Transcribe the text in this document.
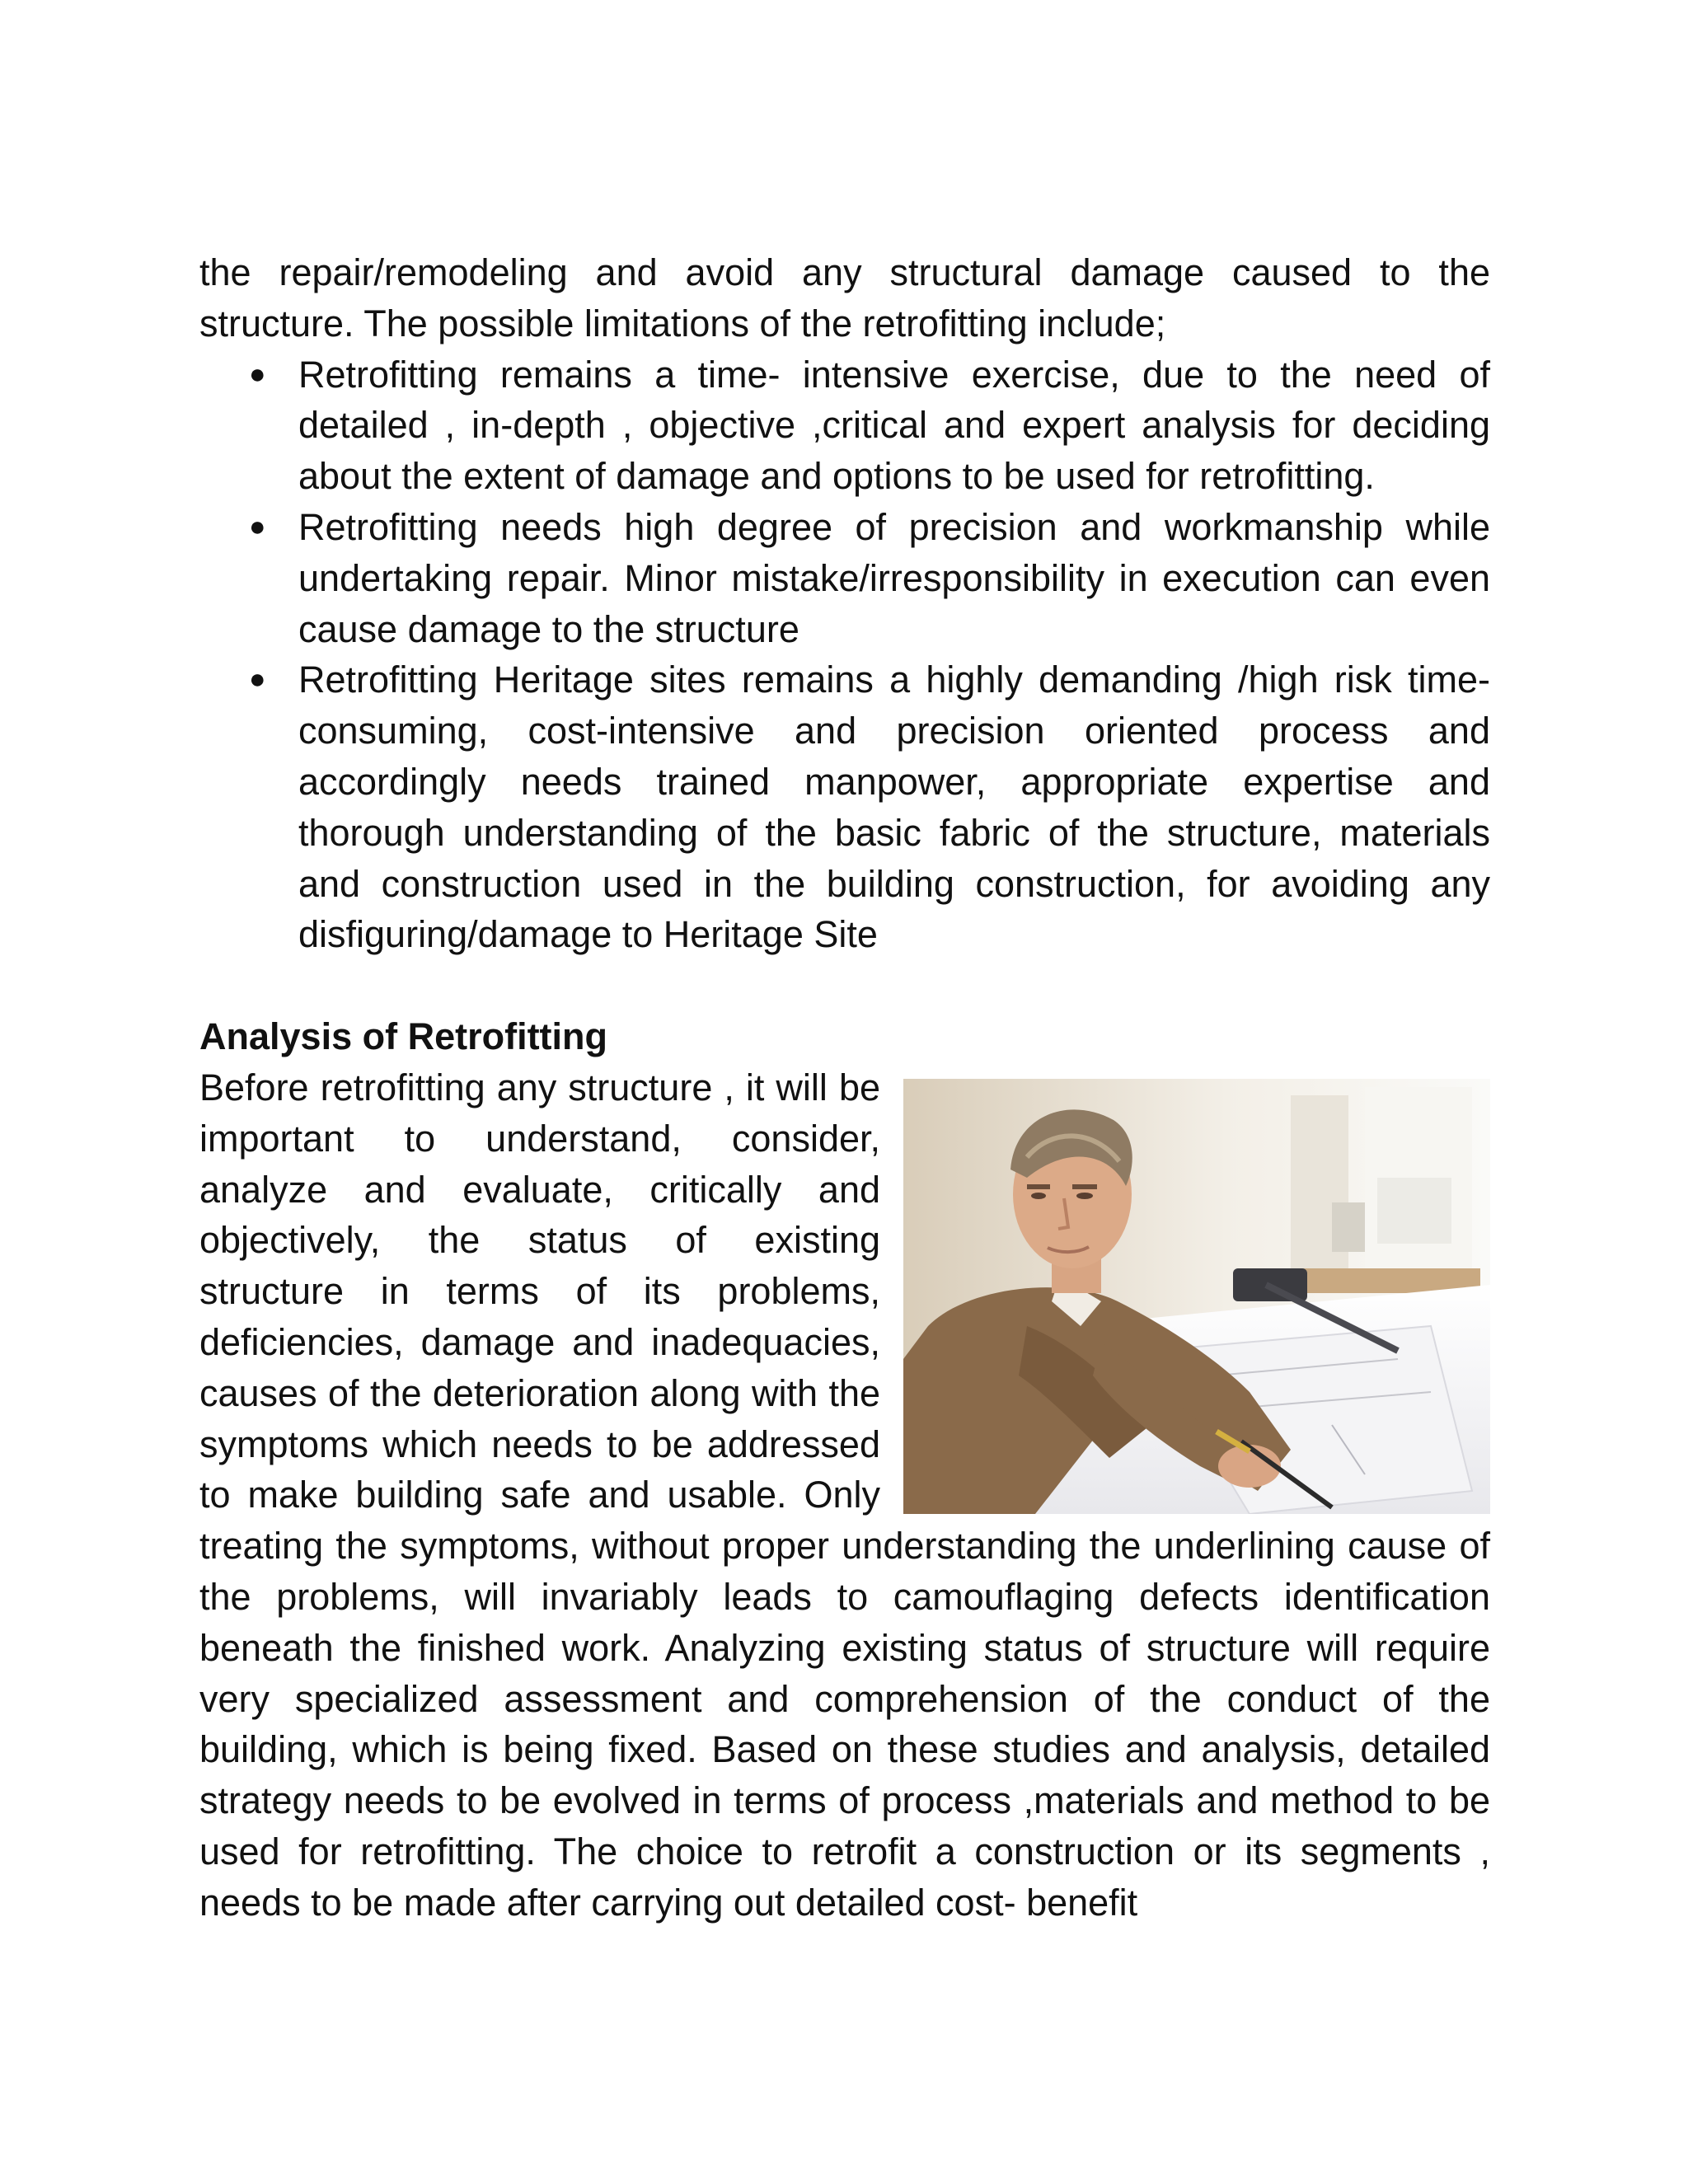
the repair/remodeling and avoid any structural damage caused to the structure. The possible limitations of the retrofitting include;

● Retrofitting remains a time- intensive exercise, due to the need of detailed , in-depth , objective ,critical and expert analysis for deciding about the extent of damage and options to be used for retrofitting.
● Retrofitting needs high degree of precision and workmanship while undertaking repair. Minor mistake/irresponsibility in execution can even cause damage to the structure
● Retrofitting Heritage sites remains a highly demanding /high risk time-consuming, cost-intensive and precision oriented process and accordingly needs trained manpower, appropriate expertise and thorough understanding of the basic fabric of the structure, materials and construction used in the building construction, for avoiding any disfiguring/damage to Heritage Site

Analysis of Retrofitting

Before retrofitting any structure , it will be important to understand, consider, analyze and evaluate, critically and objectively, the status of existing structure in terms of its problems, deficiencies, damage and inadequacies, causes of the deterioration along with the symptoms which needs to be addressed to make building safe and usable. Only treating the symptoms, without proper understanding the underlining cause of the problems, will invariably leads to camouflaging defects identification beneath the finished work. Analyzing existing status of structure will require very specialized assessment and comprehension of the conduct of the building, which is being fixed. Based on these studies and analysis, detailed strategy needs to be evolved in terms of process ,materials and method to be used for retrofitting. The choice to retrofit a construction or its segments , needs to be made after carrying out detailed cost- benefit
